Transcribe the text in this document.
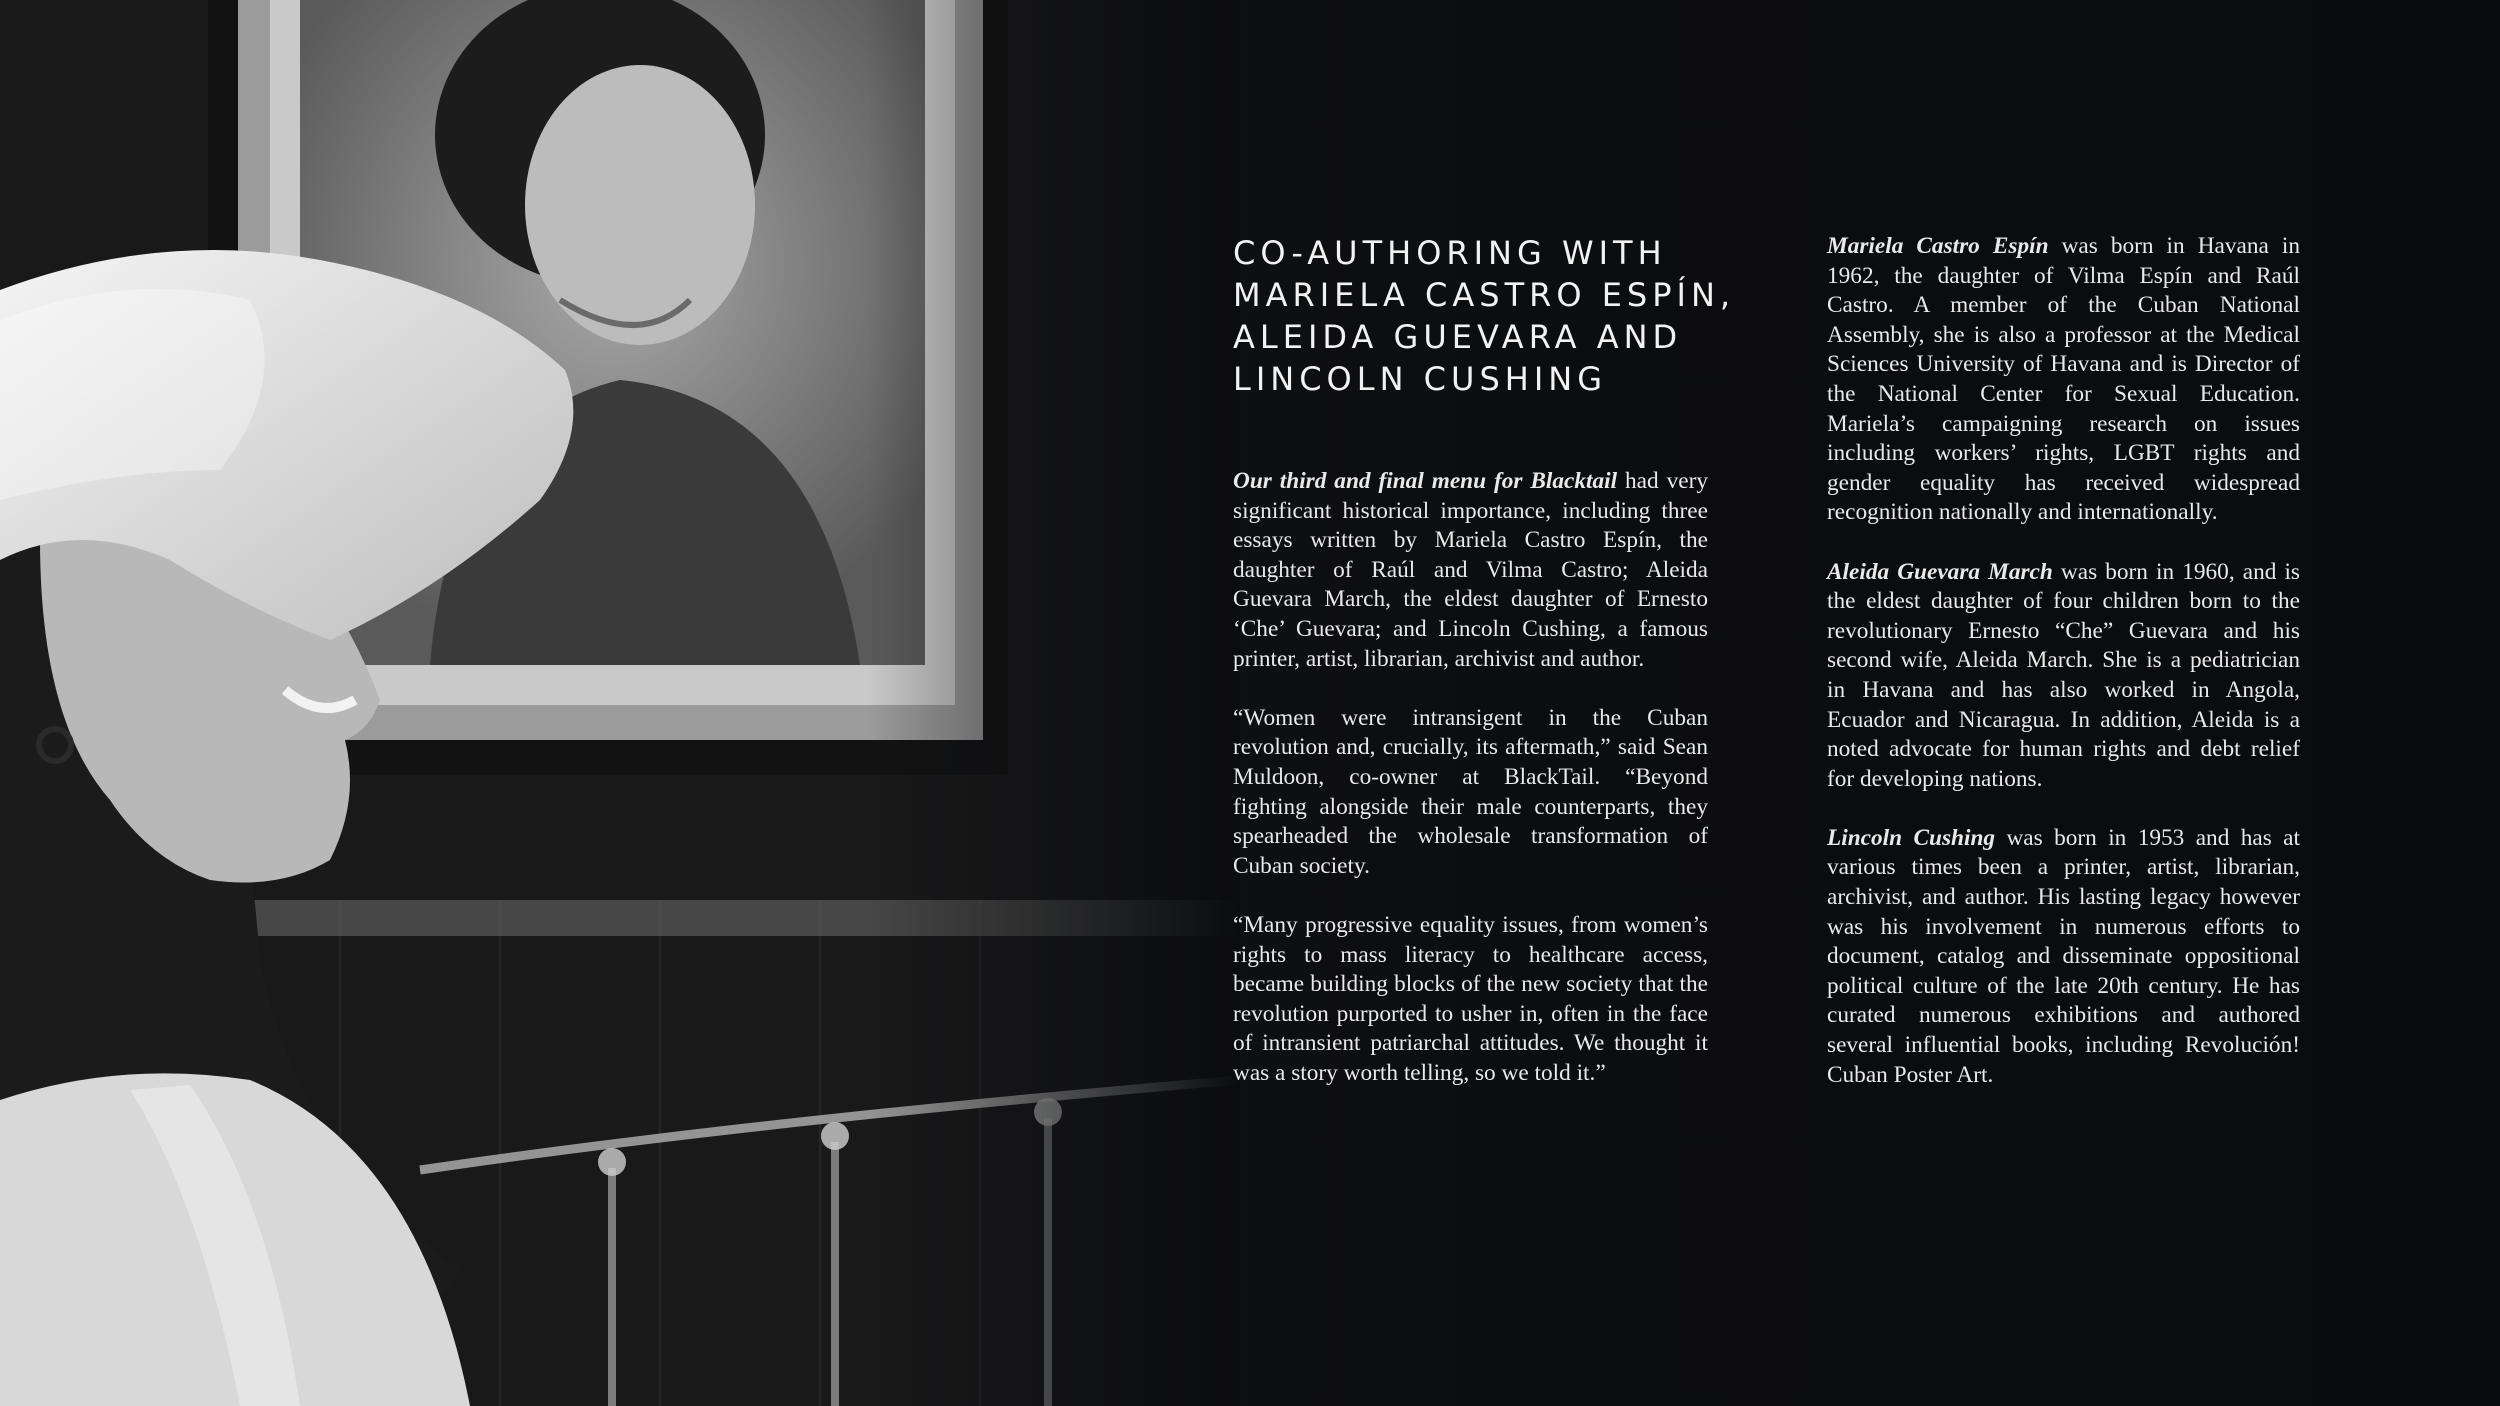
CO-AUTHORING WITH MARIELA CASTRO ESPÍN, ALEIDA GUEVARA AND LINCOLN CUSHING

Our third and final menu for Blacktail had very significant historical importance, including three essays written by Mariela Castro Espín, the daughter of Raúl and Vilma Castro; Aleida Guevara March, the eldest daughter of Ernesto ‘Che’ Guevara; and Lincoln Cushing, a famous printer, artist, librarian, archivist and author.

“Women were intransigent in the Cuban revolution and, crucially, its aftermath,” said Sean Muldoon, co-owner at BlackTail. “Beyond fighting alongside their male counterparts, they spearheaded the wholesale transformation of Cuban society.

“Many progressive equality issues, from women’s rights to mass literacy to healthcare access, became building blocks of the new society that the revolution purported to usher in, often in the face of intransient patriarchal attitudes. We thought it was a story worth telling, so we told it.”

Mariela Castro Espín was born in Havana in 1962, the daughter of Vilma Espín and Raúl Castro. A member of the Cuban National Assembly, she is also a professor at the Medical Sciences University of Havana and is Director of the National Center for Sexual Education. Mariela’s campaigning research on issues including workers’ rights, LGBT rights and gender equality has received widespread recognition nationally and internationally.

Aleida Guevara March was born in 1960, and is the eldest daughter of four children born to the revolutionary Ernesto “Che” Guevara and his second wife, Aleida March. She is a pediatrician in Havana and has also worked in Angola, Ecuador and Nicaragua. In addition, Aleida is a noted advocate for human rights and debt relief for developing nations.

Lincoln Cushing was born in 1953 and has at various times been a printer, artist, librarian, archivist, and author. His lasting legacy however was his involvement in numerous efforts to document, catalog and disseminate oppositional political culture of the late 20th century. He has curated numerous exhibitions and authored several influential books, including Revolución! Cuban Poster Art.
